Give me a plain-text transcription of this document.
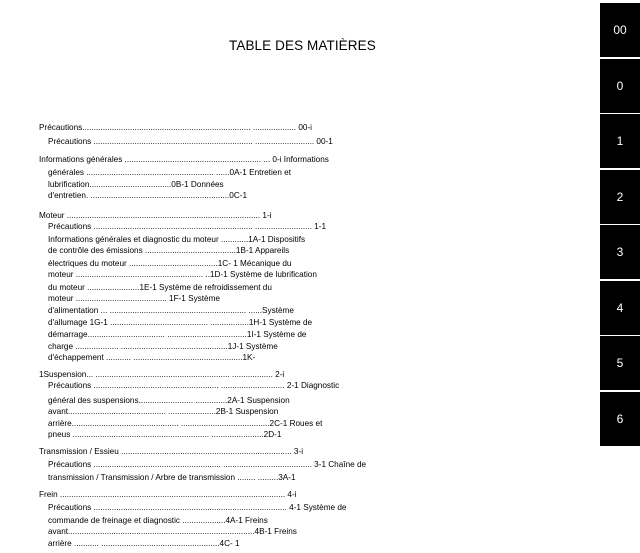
TABLE DES MATIÈRES
Précautions.......................................................................... ................... 00-i
Précautions ...................................................................... .......................... 00-1
Informations générales ............................................................ ... 0-i Informations
générales ........................................................ ......0A-1 Entretien et
lubrification....................................0B-1 Données
d'entretien. .............................................................0C-1
Moteur ..................................................................................... 1-i
Précautions ...................................................................... ......................... 1-1
Informations générales et diagnostic du moteur ............1A-1 Dispositifs
de contrôle des émissions ........................................1B-1 Appareils
électriques du moteur .......................................1C- 1 Mécanique du
moteur ........................................................ ..1D-1 Système de lubrification
du moteur .......................1E-1 Système de refroidissement du
moteur ........................................ 1F-1 Système
d'alimentation ... ............................................................ ......Système
d'allumage 1G-1 ........................................... .................1H-1 Système de
démarrage.................................. ...................................1I-1 Système de
charge ................... ...............................................1J-1 Système
d'échappement ........... ................................................1K-
1Suspension... ........................................................... .................. 2-i
Précautions ....................................................... ............................ 2-1 Diagnostic
général des suspensions........................ ..............2A-1 Suspension
avant........................................... .....................2B-1 Suspension
arrière............................................... .......................................2C-1 Roues et
pneus ............................................................ .......................2D-1
Transmission / Essieu ........................................................................... 3-i
Précautions ........................................................ ....................................... 3-1 Chaîne de
transmission / Transmission / Arbre de transmission ........ .........3A-1
Frein ................................................................................................... 4-i
Précautions ..................................................................................... 4-1 Système de
commande de freinage et diagnostic ...................4A-1 Freins
avant..................................................................................4B-1 Freins
arrière ........... ....................................................4C- 1
00
0
1
2
3
4
5
6
